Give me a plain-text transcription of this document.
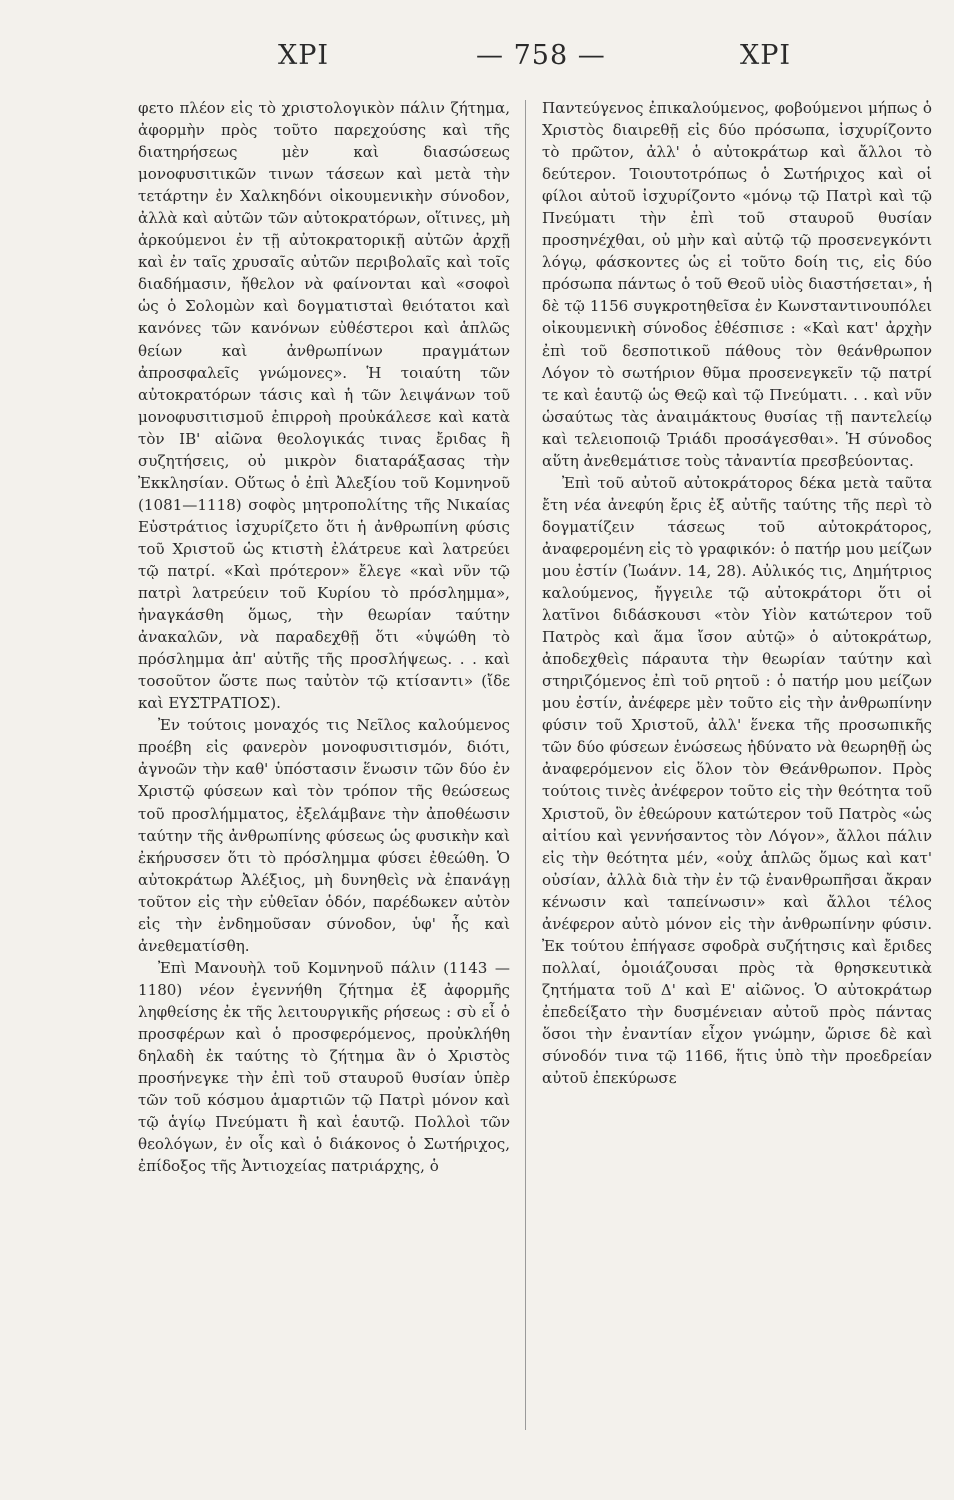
ΧΡΙ	— 758 —	ΧΡΙ

φετο πλέον εἰς τὸ χριστολογικὸν πάλιν ζήτημα, ἀφορμὴν πρὸς τοῦτο παρεχούσης καὶ τῆς διατηρήσεως μὲν καὶ διασώσεως μονοφυσιτικῶν τινων τάσεων καὶ μετὰ τὴν τετάρτην ἐν Χαλκηδόνι οἰκουμενικὴν σύνοδον, ἀλλὰ καὶ αὐτῶν τῶν αὐτοκρατόρων, οἵτινες, μὴ ἀρκούμενοι ἐν τῇ αὐτοκρατορικῇ αὐτῶν ἀρχῇ καὶ ἐν ταῖς χρυσαῖς αὐτῶν περιβολαῖς καὶ τοῖς διαδήμασιν, ἤθελον νὰ φαίνονται καὶ «σοφοὶ ὡς ὁ Σολομὼν καὶ δογματισταὶ θειότατοι καὶ κανόνες τῶν κανόνων εὐθέστεροι καὶ ἁπλῶς θείων καὶ ἀνθρωπίνων πραγμάτων ἀπροσφαλεῖς γνώμονες». Ἡ τοιαύτη τῶν αὐτοκρατόρων τάσις καὶ ἡ τῶν λειψάνων τοῦ μονοφυσιτισμοῦ ἐπιρροὴ προὐκάλεσε καὶ κατὰ τὸν ΙΒ' αἰῶνα θεολογικάς τινας ἔριδας ἢ συζητήσεις, οὐ μικρὸν διαταράξασας τὴν Ἐκκλησίαν. Οὕτως ὁ ἐπὶ Ἀλεξίου τοῦ Κομνηνοῦ (1081—1118) σοφὸς μητροπολίτης τῆς Νικαίας Εὐστράτιος ἰσχυρίζετο ὅτι ἡ ἀνθρωπίνη φύσις τοῦ Χριστοῦ ὡς κτιστὴ ἐλάτρευε καὶ λατρεύει τῷ πατρί. «Καὶ πρότερον» ἔλεγε «καὶ νῦν τῷ πατρὶ λατρεύειν τοῦ Κυρίου τὸ πρόσλημμα», ἠναγκάσθη ὅμως, τὴν θεωρίαν ταύτην ἀνακαλῶν, νὰ παραδεχθῇ ὅτι «ὑψώθη τὸ πρόσλημμα ἀπ' αὐτῆς τῆς προσλήψεως. . . καὶ τοσοῦτον ὥστε πως ταὐτὸν τῷ κτίσαντι» (ἴδε καὶ ΕΥΣΤΡΑΤΙΟΣ).

Ἐν τούτοις μοναχός τις Νεῖλος καλούμενος προέβη εἰς φανερὸν μονοφυσιτισμόν, διότι, ἀγνοῶν τὴν καθ' ὑπόστασιν ἕνωσιν τῶν δύο ἐν Χριστῷ φύσεων καὶ τὸν τρόπον τῆς θεώσεως τοῦ προσλήμματος, ἐξελάμβανε τὴν ἀποθέωσιν ταύτην τῆς ἀνθρωπίνης φύσεως ὡς φυσικὴν καὶ ἐκήρυσσεν ὅτι τὸ πρόσλημμα φύσει ἐθεώθη. Ὁ αὐτοκράτωρ Ἀλέξιος, μὴ δυνηθεὶς νὰ ἐπανάγῃ τοῦτον εἰς τὴν εὐθεῖαν ὁδόν, παρέδωκεν αὐτὸν εἰς τὴν ἐνδημοῦσαν σύνοδον, ὑφ' ἧς καὶ ἀνεθεματίσθη.

Ἐπὶ Μανουὴλ τοῦ Κομνηνοῦ πάλιν (1143 — 1180) νέον ἐγεννήθη ζήτημα ἐξ ἀφορμῆς ληφθείσης ἐκ τῆς λειτουργικῆς ρήσεως : σὺ εἶ ὁ προσφέρων καὶ ὁ προσφερόμενος, προὐκλήθη δηλαδὴ ἐκ ταύτης τὸ ζήτημα ἂν ὁ Χριστὸς προσήνεγκε τὴν ἐπὶ τοῦ σταυροῦ θυσίαν ὑπὲρ τῶν τοῦ κόσμου ἁμαρτιῶν τῷ Πατρὶ μόνον καὶ τῷ ἁγίῳ Πνεύματι ἢ καὶ ἑαυτῷ. Πολλοὶ τῶν θεολόγων, ἐν οἷς καὶ ὁ διάκονος ὁ Σωτήριχος, ἐπίδοξος τῆς Ἀντιοχείας πατριάρχης, ὁ

Παντεύγενος ἐπικαλούμενος, φοβούμενοι μήπως ὁ Χριστὸς διαιρεθῇ εἰς δύο πρόσωπα, ἰσχυρίζοντο τὸ πρῶτον, ἀλλ' ὁ αὐτοκράτωρ καὶ ἄλλοι τὸ δεύτερον. Τοιουτοτρόπως ὁ Σωτήριχος καὶ οἱ φίλοι αὐτοῦ ἰσχυρίζοντο «μόνῳ τῷ Πατρὶ καὶ τῷ Πνεύματι τὴν ἐπὶ τοῦ σταυροῦ θυσίαν προσηνέχθαι, οὐ μὴν καὶ αὐτῷ τῷ προσενεγκόντι λόγῳ, φάσκοντες ὡς εἰ τοῦτο δοίη τις, εἰς δύο πρόσωπα πάντως ὁ τοῦ Θεοῦ υἱὸς διαστήσεται», ἡ δὲ τῷ 1156 συγκροτηθεῖσα ἐν Κωνσταντινουπόλει οἰκουμενικὴ σύνοδος ἐθέσπισε : «Καὶ κατ' ἀρχὴν ἐπὶ τοῦ δεσποτικοῦ πάθους τὸν θεάνθρωπον Λόγον τὸ σωτήριον θῦμα προσενεγκεῖν τῷ πατρί τε καὶ ἑαυτῷ ὡς Θεῷ καὶ τῷ Πνεύματι. . . καὶ νῦν ὡσαύτως τὰς ἀναιμάκτους θυσίας τῇ παντελείῳ καὶ τελειοποιῷ Τριάδι προσάγεσθαι». Ἡ σύνοδος αὕτη ἀνεθεμάτισε τοὺς τἀναντία πρεσβεύοντας.

Ἐπὶ τοῦ αὐτοῦ αὐτοκράτορος δέκα μετὰ ταῦτα ἔτη νέα ἀνεφύη ἔρις ἐξ αὐτῆς ταύτης τῆς περὶ τὸ δογματίζειν τάσεως τοῦ αὐτοκράτορος, ἀναφερομένη εἰς τὸ γραφικόν: ὁ πατήρ μου μείζων μου ἐστίν (Ἰωάνν. 14, 28). Αὐλικός τις, Δημήτριος καλούμενος, ἤγγειλε τῷ αὐτοκράτορι ὅτι οἱ λατῖνοι διδάσκουσι «τὸν Υἱὸν κατώτερον τοῦ Πατρὸς καὶ ἅμα ἴσον αὐτῷ» ὁ αὐτοκράτωρ, ἀποδεχθεὶς πάραυτα τὴν θεωρίαν ταύτην καὶ στηριζόμενος ἐπὶ τοῦ ρητοῦ : ὁ πατήρ μου μείζων μου ἐστίν, ἀνέφερε μὲν τοῦτο εἰς τὴν ἀνθρωπίνην φύσιν τοῦ Χριστοῦ, ἀλλ' ἕνεκα τῆς προσωπικῆς τῶν δύο φύσεων ἑνώσεως ἠδύνατο νὰ θεωρηθῇ ὡς ἀναφερόμενον εἰς ὅλον τὸν Θεάνθρωπον. Πρὸς τούτοις τινὲς ἀνέφερον τοῦτο εἰς τὴν θεότητα τοῦ Χριστοῦ, ὃν ἐθεώρουν κατώτερον τοῦ Πατρὸς «ὡς αἰτίου καὶ γεννήσαντος τὸν Λόγον», ἄλλοι πάλιν εἰς τὴν θεότητα μέν, «οὐχ ἁπλῶς ὅμως καὶ κατ' οὐσίαν, ἀλλὰ διὰ τὴν ἐν τῷ ἐνανθρωπῆσαι ἄκραν κένωσιν καὶ ταπείνωσιν» καὶ ἄλλοι τέλος ἀνέφερον αὐτὸ μόνον εἰς τὴν ἀνθρωπίνην φύσιν. Ἐκ τούτου ἐπήγασε σφοδρὰ συζήτησις καὶ ἔριδες πολλαί, ὁμοιάζουσαι πρὸς τὰ θρησκευτικὰ ζητήματα τοῦ Δ' καὶ Ε' αἰῶνος. Ὁ αὐτοκράτωρ ἐπεδείξατο τὴν δυσμένειαν αὐτοῦ πρὸς πάντας ὅσοι τὴν ἐναντίαν εἶχον γνώμην, ὥρισε δὲ καὶ σύνοδόν τινα τῷ 1166, ἥτις ὑπὸ τὴν προεδρείαν αὐτοῦ ἐπεκύρωσε
